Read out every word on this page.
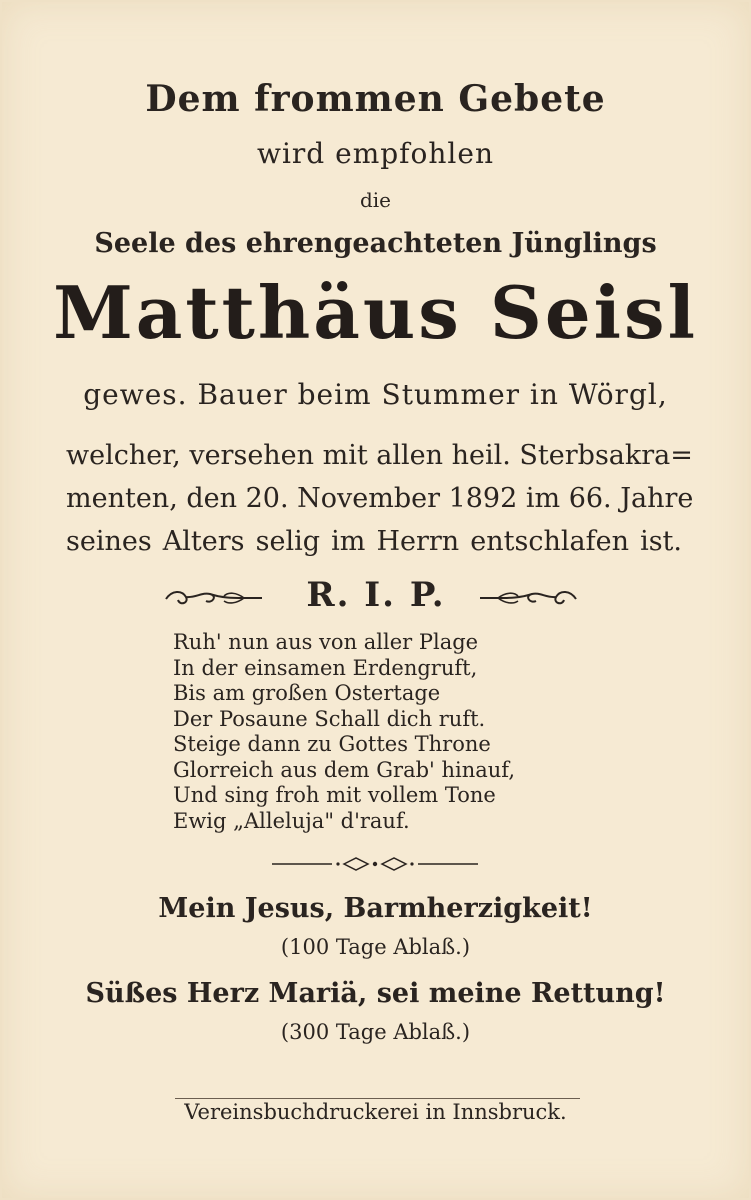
Dem frommen Gebete
wird empfohlen
die
Seele des ehrengeachteten Jünglings
Matthäus Seisl
gewes. Bauer beim Stummer in Wörgl,
welcher, versehen mit allen heil. Sterbsakra=
menten, den 20. November 1892 im 66. Jahre
seines Alters selig im Herrn entschlafen ist.
R. I. P.
Ruh' nun aus von aller Plage
In der einsamen Erdengruft,
Bis am großen Ostertage
Der Posaune Schall dich ruft.
Steige dann zu Gottes Throne
Glorreich aus dem Grab' hinauf,
Und sing froh mit vollem Tone
Ewig „Alleluja" d'rauf.
Mein Jesus, Barmherzigkeit!
(100 Tage Ablaß.)
Süßes Herz Mariä, sei meine Rettung!
(300 Tage Ablaß.)
Vereinsbuchdruckerei in Innsbruck.
